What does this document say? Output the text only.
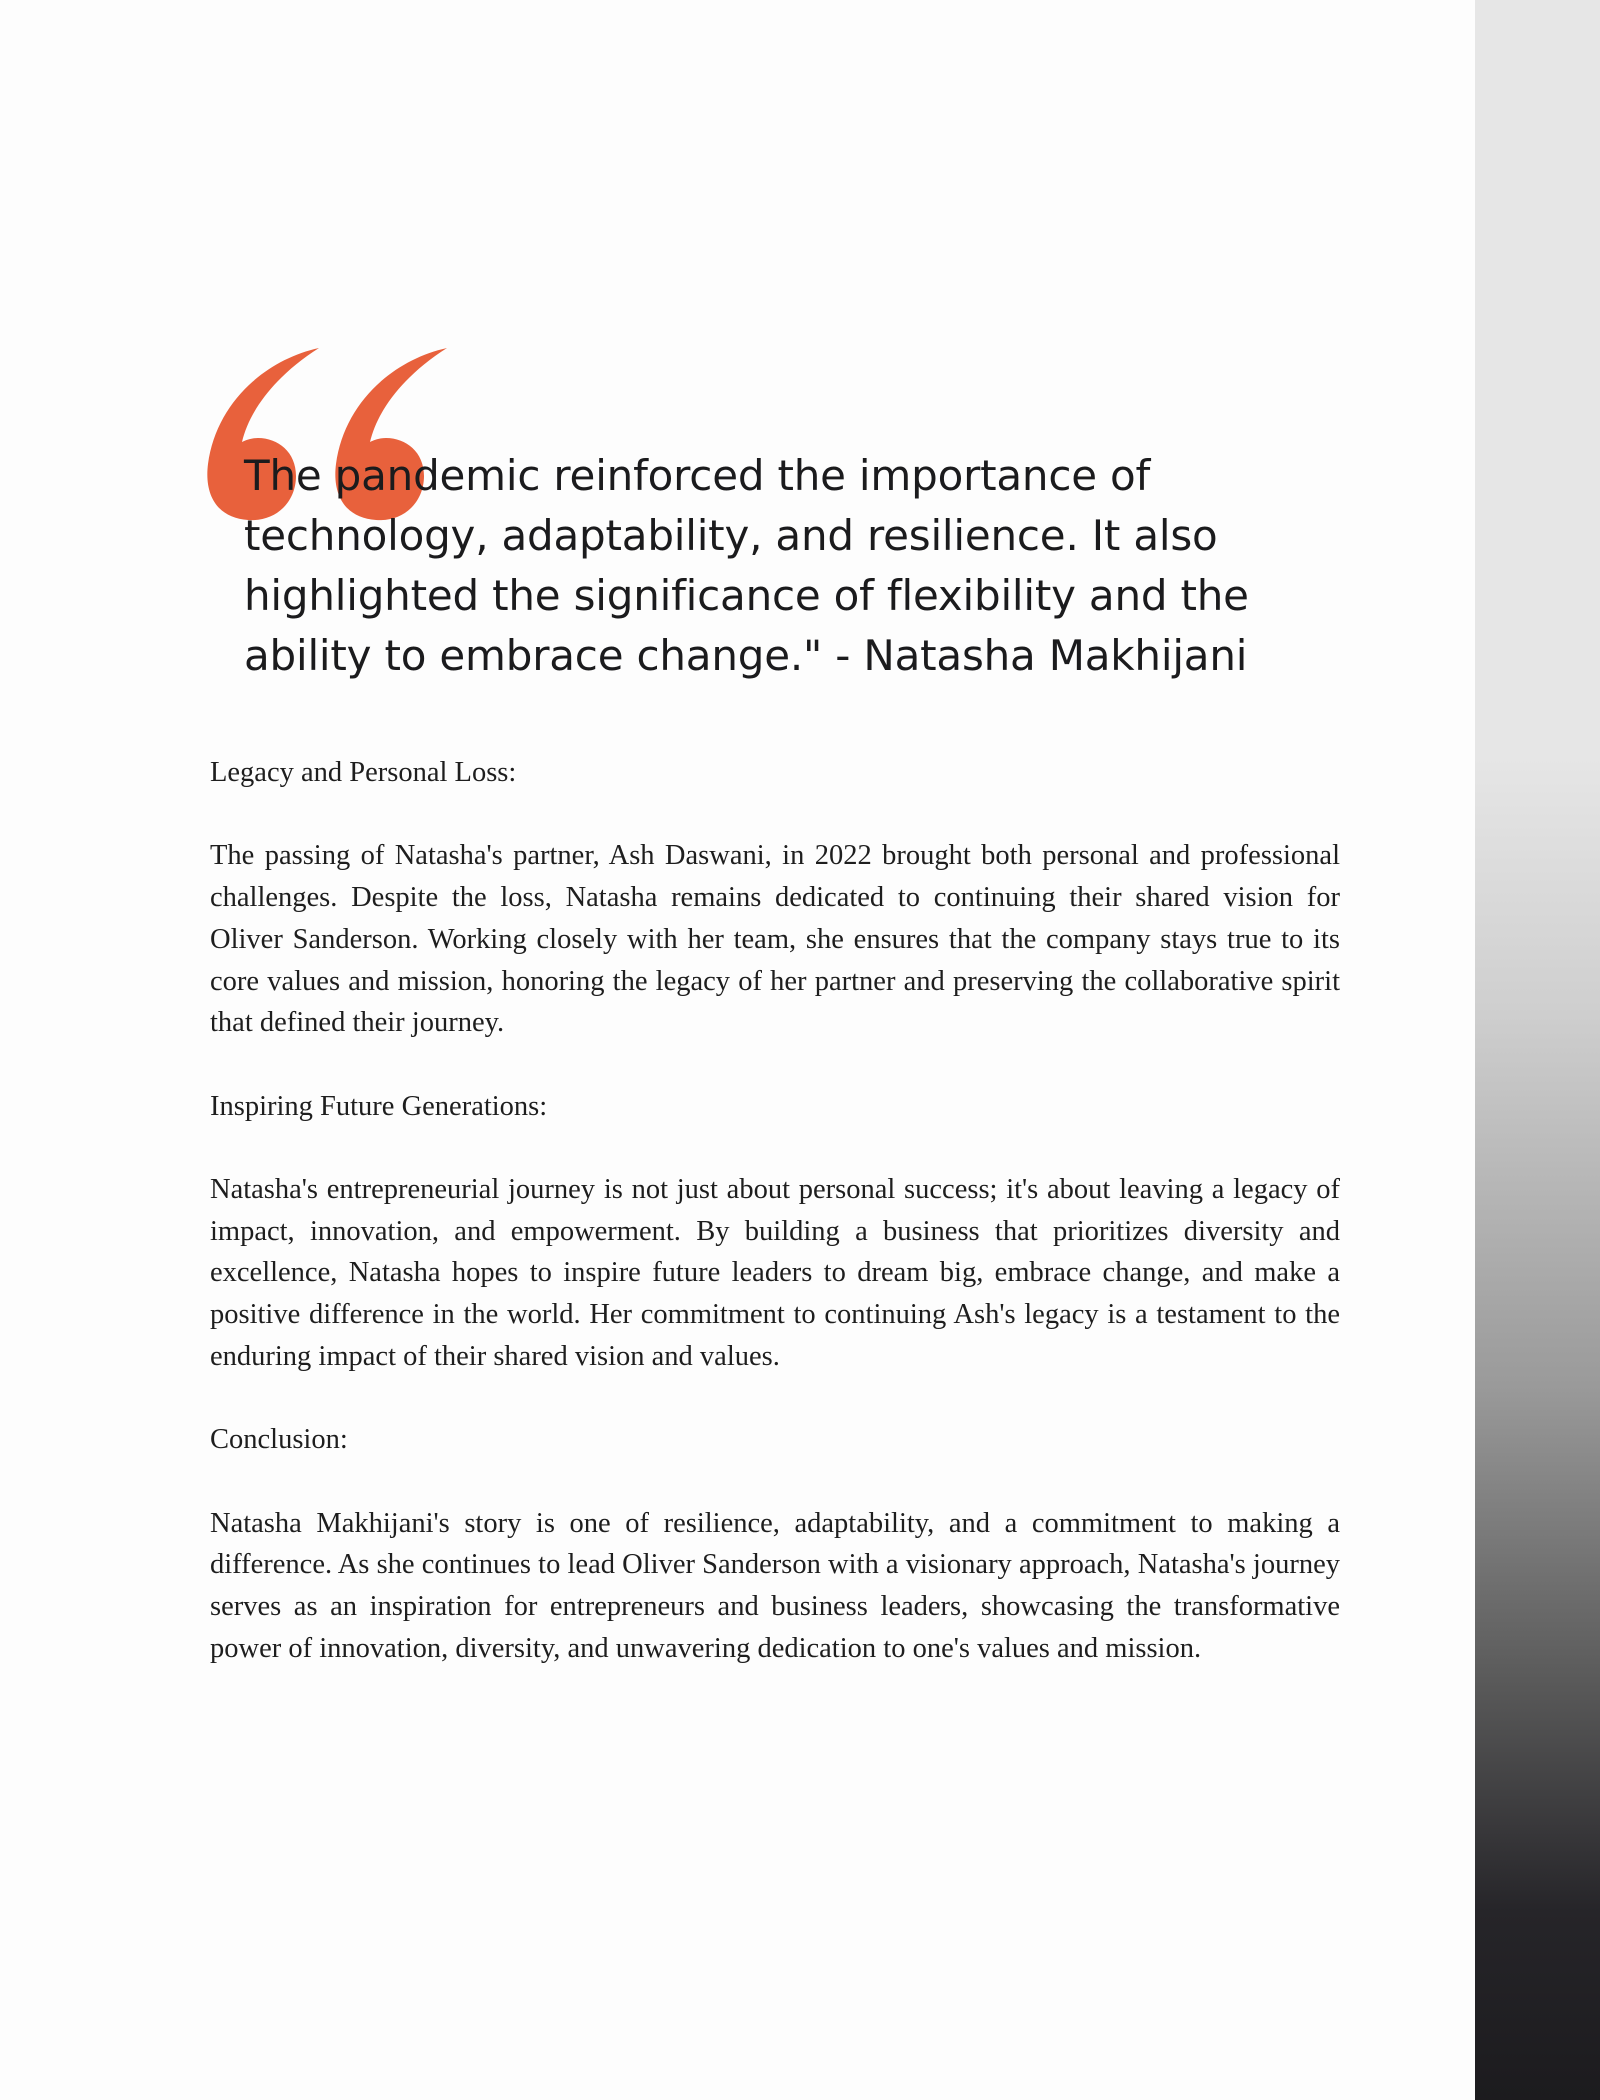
The pandemic reinforced the importance of technology, adaptability, and resilience. It also highlighted the significance of flexibility and the ability to embrace change." - Natasha Makhijani

Legacy and Personal Loss:

The passing of Natasha's partner, Ash Daswani, in 2022 brought both personal and professional challenges. Despite the loss, Natasha remains dedicated to continuing their shared vision for Oliver Sanderson. Working closely with her team, she ensures that the company stays true to its core values and mission, honoring the legacy of her partner and preserving the collaborative spirit that defined their journey.

Inspiring Future Generations:

Natasha's entrepreneurial journey is not just about personal success; it's about leaving a legacy of impact, innovation, and empowerment. By building a business that prioritizes diversity and excellence, Natasha hopes to inspire future leaders to dream big, embrace change, and make a positive difference in the world. Her commitment to continuing Ash's legacy is a testament to the enduring impact of their shared vision and values.

Conclusion:

Natasha Makhijani's story is one of resilience, adaptability, and a commitment to making a difference. As she continues to lead Oliver Sanderson with a visionary approach, Natasha's journey serves as an inspiration for entrepreneurs and business leaders, showcasing the transformative power of innovation, diversity, and unwavering dedication to one's values and mission.
